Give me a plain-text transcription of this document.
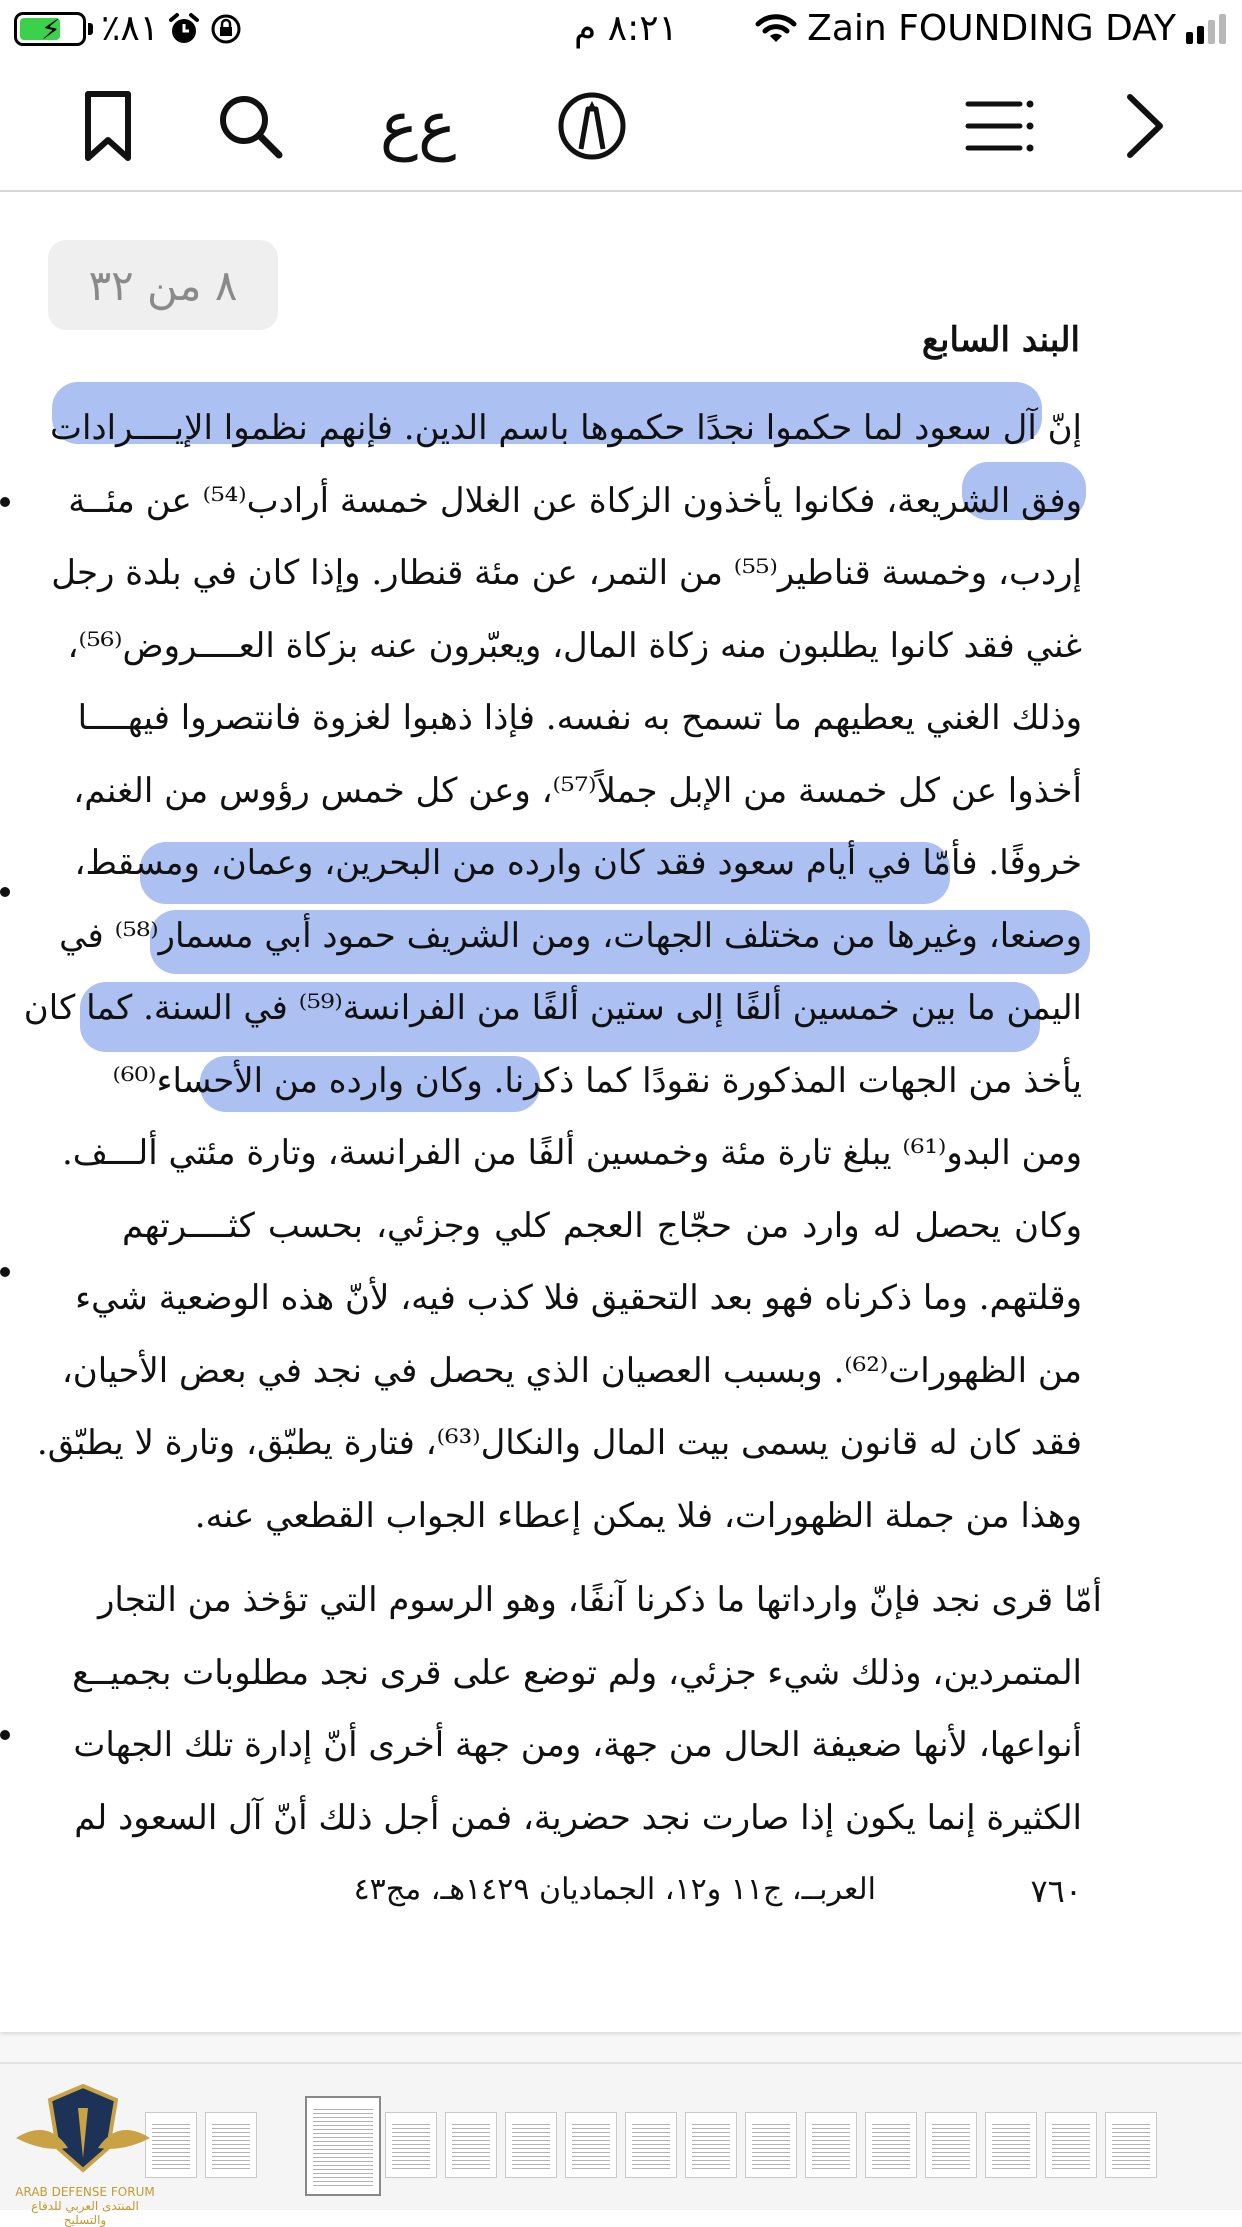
⚡ ٪٨١	٨:٢١ م	Zain FOUNDING DAY
ع‌ع
٨ من ٣٢
البند السابع
إنّ آل سعود لما حكموا نجدًا حكموها باسم الدين. فإنهم نظموا الإيــــرادات
وفق الشريعة، فكانوا يأخذون الزكاة عن الغلال خمسة أرادب⁽⁵⁴⁾ عن مئــة
إردب، وخمسة قناطير⁽⁵⁵⁾ من التمر، عن مئة قنطار. وإذا كان في بلدة رجل
غني فقد كانوا يطلبون منه زكاة المال، ويعبّرون عنه بزكاة العــــروض⁽⁵⁶⁾،
وذلك الغني يعطيهم ما تسمح به نفسه. فإذا ذهبوا لغزوة فانتصروا فيهــــا
أخذوا عن كل خمسة من الإبل جملاً⁽⁵⁷⁾، وعن كل خمس رؤوس من الغنم،
خروفًا. فأمّا في أيام سعود فقد كان وارده من البحرين، وعمان، ومسقط،
وصنعا، وغيرها من مختلف الجهات، ومن الشريف حمود أبي مسمار⁽⁵⁸⁾ في
اليمن ما بين خمسين ألفًا إلى ستين ألفًا من الفرانسة⁽⁵⁹⁾ في السنة. كما كان
يأخذ من الجهات المذكورة نقودًا كما ذكرنا. وكان وارده من الأحساء⁽⁶⁰⁾
ومن البدو⁽⁶¹⁾ يبلغ تارة مئة وخمسين ألفًا من الفرانسة، وتارة مئتي ألـــف.
وكان يحصل له وارد من حجّاج العجم كلي وجزئي، بحسب كثــــرتهم
وقلتهم. وما ذكرناه فهو بعد التحقيق فلا كذب فيه، لأنّ هذه الوضعية شيء
من الظهورات⁽⁶²⁾. وبسبب العصيان الذي يحصل في نجد في بعض الأحيان،
فقد كان له قانون يسمى بيت المال والنكال⁽⁶³⁾، فتارة يطبّق، وتارة لا يطبّق.
وهذا من جملة الظهورات، فلا يمكن إعطاء الجواب القطعي عنه.
أمّا قرى نجد فإنّ وارداتها ما ذكرنا آنفًا، وهو الرسوم التي تؤخذ من التجار
المتمردين، وذلك شيء جزئي، ولم توضع على قرى نجد مطلوبات بجميــع
أنواعها، لأنها ضعيفة الحال من جهة، ومن جهة أخرى أنّ إدارة تلك الجهات
الكثيرة إنما يكون إذا صارت نجد حضرية، فمن أجل ذلك أنّ آل السعود لم
٧٦٠
العربــ، ج١١ و١٢، الجماديان ١٤٢٩هـ، مج٤٣
ARAB DEFENSE FORUM
المنتدى العربي للدفاع والتسليح
